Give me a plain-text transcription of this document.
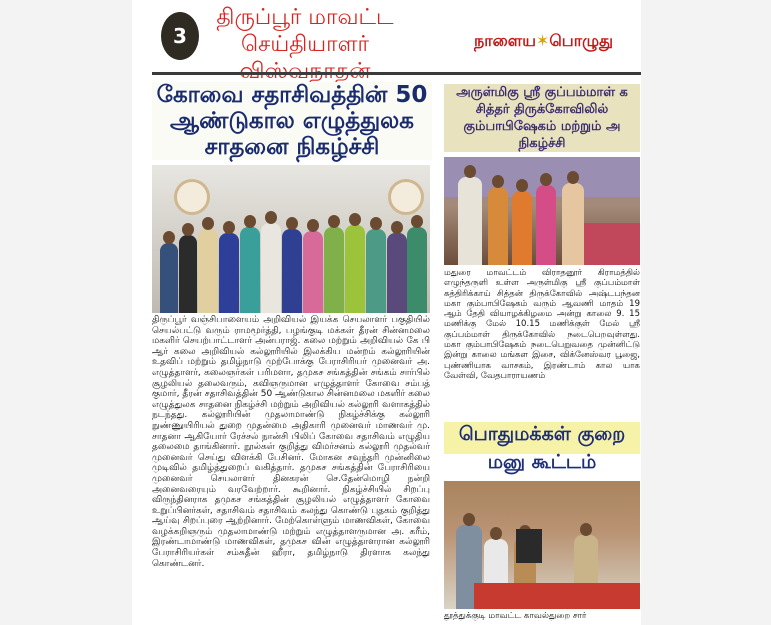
3
திருப்பூர் மாவட்ட
செய்தியாளர்	நாளைய✶பொழுது
கோவை சதாசிவத்தின் 50
ஆண்டுகால எழுத்துலக
சாதனை நிகழ்ச்சி
திருப்பூர் வஞ்சிபாளையம் அறிவியல் இயக்க செயலாளர் பகுதியில் செயல்பட்டு வரும் ராமமூர்த்தி, பழங்குடி மக்கள் தீரன் சின்னமலை மகளிர் செயற்பாட்டாளர் அன்பராஜ். கலை மற்றும் அறிவியல் கே பி ஆர் கலை அறிவியல் கல்லூரியில் இலக்கிய மன்றம் கல்லூரியின் உதவிப் மற்றும் தமிழ்நாடு முற்போக்கு பேராசிரியர் முனைவர் அ. எழுத்தாளர், கலைஞர்கள் பரிமளா, தமுகச சங்கத்தின் சங்கம் சார்பில் சூழலியல் தலைவரும், கவிஞருமான எழுத்தாளர் கோவை சம்பத் குமார், தீரன் சதாசிவத்தின் 50 ஆண்டுகால சின்னமலை மகளிர் கலை எழுத்துலக சாதனை நிகழ்ச்சி மற்றும் அறிவியல் கல்லூரி வளாகத்தில் நடந்தது. கல்லூரியின் முதலாமாண்டு நிகழ்ச்சிக்கு கல்லூரி நுண்ணுயிரியல் துறை முதன்மை அதிகாரி முனைவர் மாணவர் மு. சாதனா ஆகியோர் ரேச்சல் நான்சி பிலிப் கோவை சதாசிவம் எழுதிய தலைமை தாங்கினார். நூல்கள் குறித்து விமர்சனம் கல்லூரி முதல்வர் முனைவர் செய்து விளக்கி பேசினர். மோகன சவுந்தரி முன்னிலை முடிவில் தமிழ்த்துறைப் வகித்தார். தமுகச சங்கத்தின் பேராசிரியை முனைவர் செயலாளர் தினகரன் செ.தேன்மொழி நன்றி அனைவரையும் வரவேற்றார். கூறினார். நிகழ்ச்சியில் சிறப்பு விருந்தினராக தமுகச சங்கத்தின் சூழலியல் எழுத்தாளர் கோவை உறுப்பினர்கள், சதாசிவம் சதாசிவம் கலந்து கொண்டு புதகம் குறித்து ஆய்வு சிறப்புரை ஆற்றினார். மேற்கொள்ளும் மாணவிகள், கோவை வழக்கறிஞரும் முதலாமாண்டு மற்றும் எழுத்தாளருமான அ. கரீம், இரண்டாமாண்டு மாணவிகள், தமுகச வின் எழுத்தாளரான கல்லூரி பேராசிரியர்கள் சம்சுதீன் ஹீரா, தமிழ்நாடு திரளாக கலந்து கொண்டனர்.
அருள்மிகு ஸ்ரீ குப்பம்மாள் க
சித்தர் திருக்கோவிலில்
கும்பாபிஷேகம் மற்றும் அ
நிகழ்ச்சி
மதுரை மாவட்டம் விராதனூர் கிராமத்தில் எழுந்தருளி உள்ள அருள்மிகு ஸ்ரீ குப்பம்மாள் கத்திரிக்காய் சித்தன் திருக்கோவில் அஷ்டபந்தன மகா கும்பாபிஷேகம் வரும் ஆவணி மாதம் 19 ஆம் தேதி வியாழக்கிழமை அன்று காலை 9. 15 மணிக்கு மேல் 10.15 மணிக்குள் மேல் ஸ்ரீ குப்பம்மாள் திருக்கோவில் நடைபெறவுள்ளது. மகா கும்பாபிஷேகம் நடைபெறுவதை முன்னிட்டு இன்று காலை மங்கள இசை, விக்னேஸ்வர பூஜை, புண்ணியாக வாசகம், இரண்டாம் கால யாக வேள்வி, வேதபாராயணம்
பொதுமக்கள் குறை
மனு கூட்டம்
தூத்துக்குடி மாவட்ட காவல்துறை சார்
